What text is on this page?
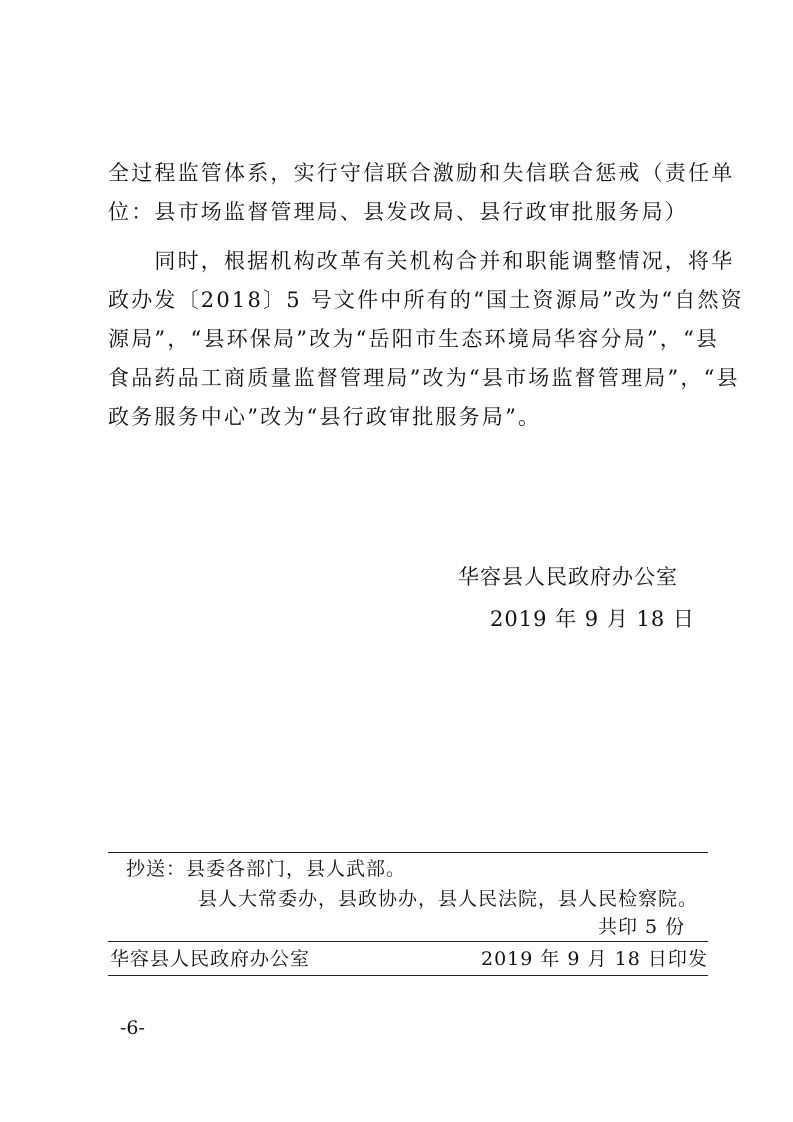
全过程监管体系，实行守信联合激励和失信联合惩戒（责任单
位：县市场监督管理局、县发改局、县行政审批服务局）
　　同时，根据机构改革有关机构合并和职能调整情况，将华
政办发〔2018〕5 号文件中所有的“国土资源局”改为“自然资
源局”，“县环保局”改为“岳阳市生态环境局华容分局”，“县
食品药品工商质量监督管理局”改为“县市场监督管理局”，“县
政务服务中心”改为“县行政审批服务局”。
华容县人民政府办公室
2019 年 9 月 18 日
抄送：县委各部门，县人武部。
县人大常委办，县政协办，县人民法院，县人民检察院。
共印 5 份
华容县人民政府办公室	2019 年 9 月 18 日印发
-6-
